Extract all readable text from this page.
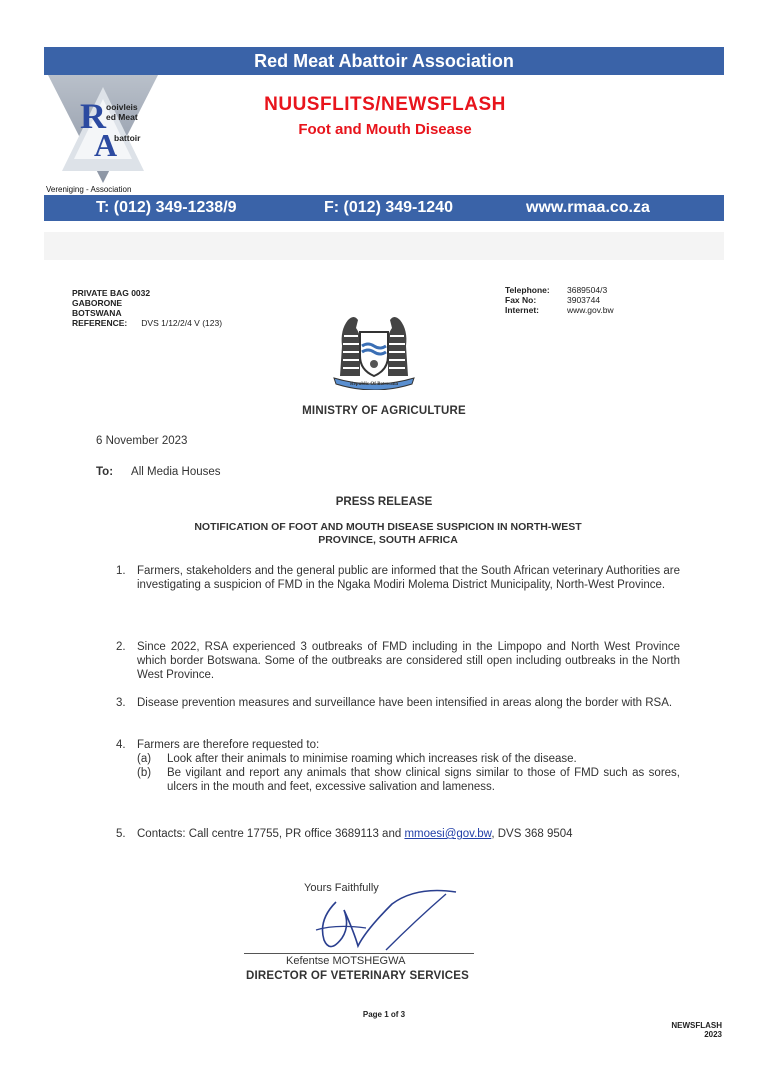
Red Meat Abattoir Association
R
A
ooivleis
ed Meat
battoir
Vereniging - Association
NUUSFLITS/NEWSFLASH
Foot and Mouth Disease
T: (012) 349-1238/9	F: (012) 349-1240	www.rmaa.co.za
PRIVATE BAG 0032
GABORONE
BOTSWANA
REFERENCE: DVS 1/12/2/4 V (123)
Telephone: 3689504/3
Fax No:	3903744
Internet:	www.gov.bw
Republic Of Botswana
MINISTRY OF AGRICULTURE
6 November 2023
To: All Media Houses
PRESS RELEASE
NOTIFICATION OF FOOT AND MOUTH DISEASE SUSPICION IN NORTH-WEST
PROVINCE, SOUTH AFRICA
1. Farmers, stakeholders and the general public are informed that the South African veterinary Authorities are investigating a suspicion of FMD in the Ngaka Modiri Molema District Municipality, North-West Province.
2. Since 2022, RSA experienced 3 outbreaks of FMD including in the Limpopo and North West Province which border Botswana. Some of the outbreaks are considered still open including outbreaks in the North West Province.
3. Disease prevention measures and surveillance have been intensified in areas along the border with RSA.
4. Farmers are therefore requested to:
(a) Look after their animals to minimise roaming which increases risk of the disease.
(b) Be vigilant and report any animals that show clinical signs similar to those of FMD such as sores, ulcers in the mouth and feet, excessive salivation and lameness.
5. Contacts: Call centre 17755, PR office 3689113 and mmoesi@gov.bw, DVS 368 9504
Yours Faithfully
Kefentse MOTSHEGWA
DIRECTOR OF VETERINARY SERVICES
Page 1 of 3
NEWSFLASH
2023
